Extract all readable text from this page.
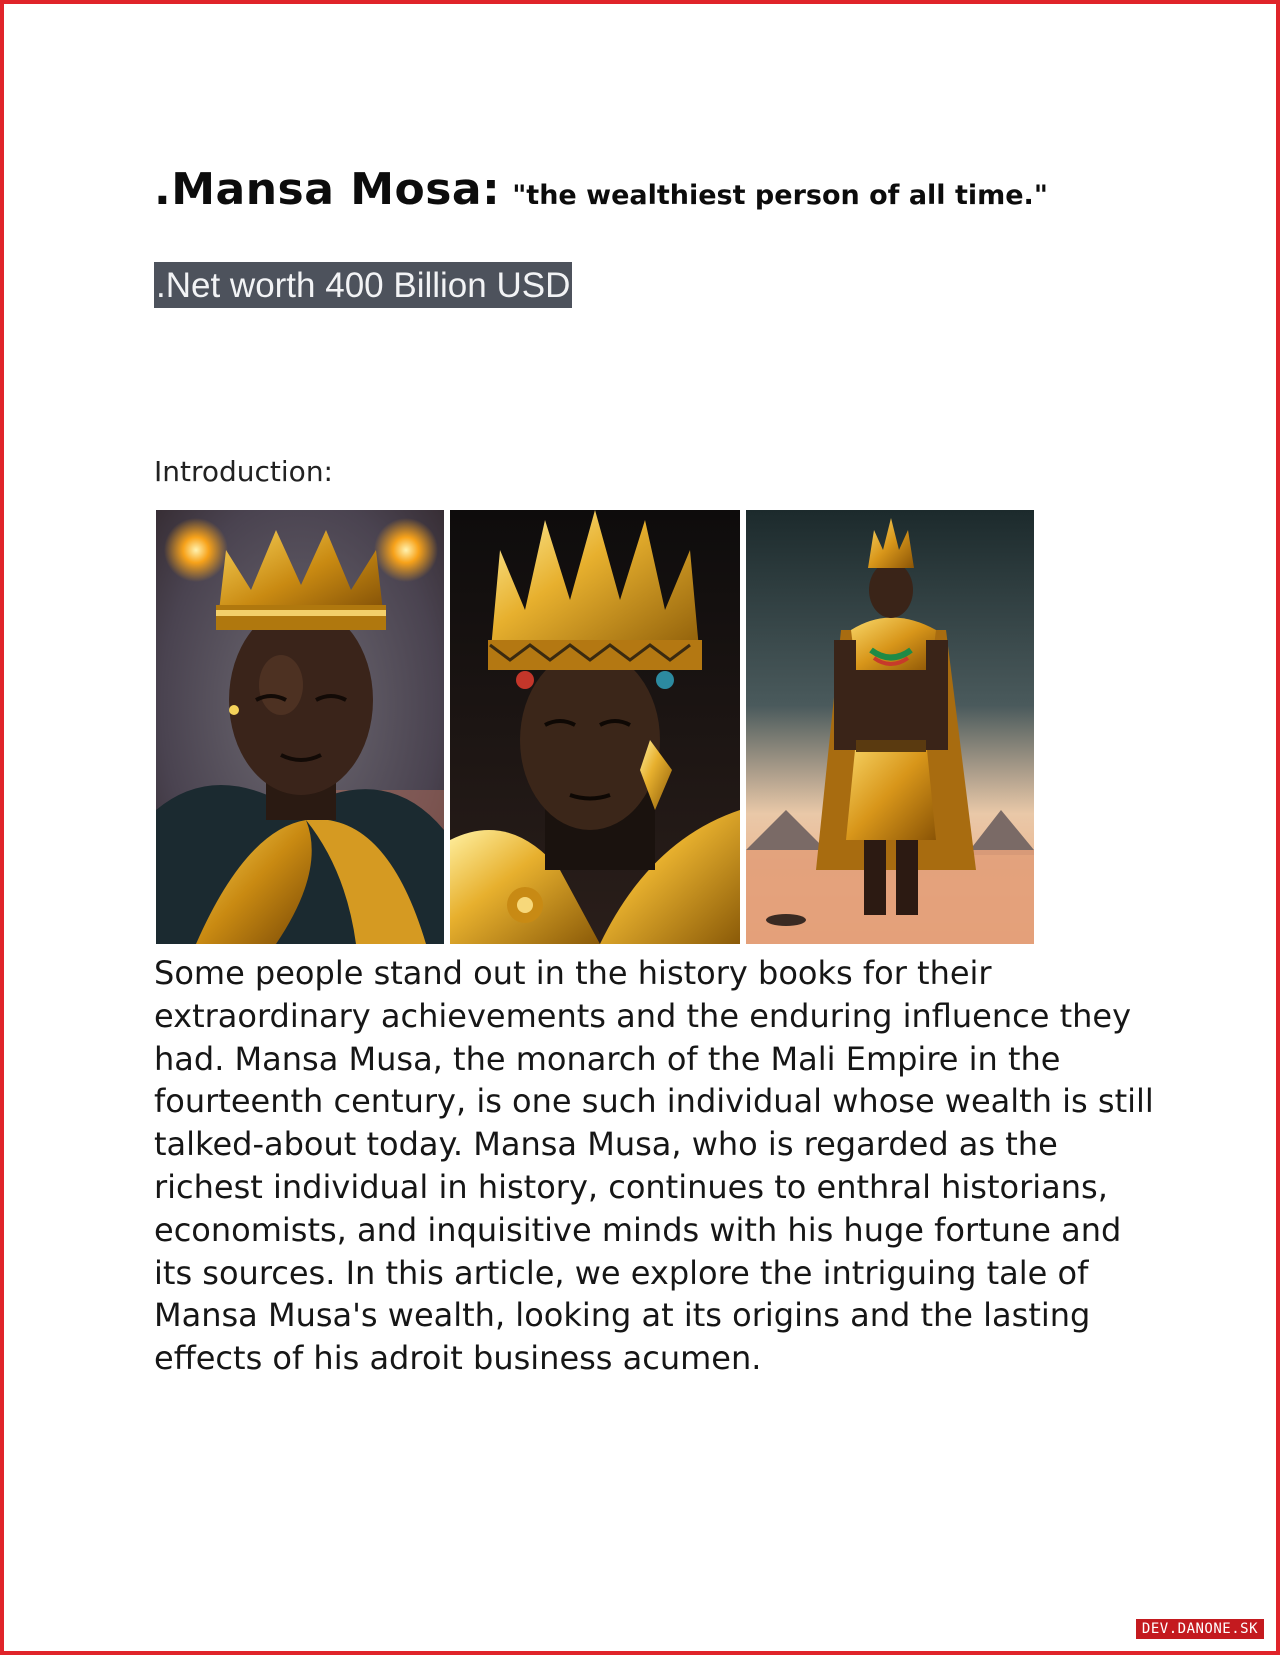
.Mansa Mosa: "the wealthiest person of all time."
.Net worth 400 Billion USD
Introduction:

Some people stand out in the history books for their extraordinary achievements and the enduring influence they had. Mansa Musa, the monarch of the Mali Empire in the fourteenth century, is one such individual whose wealth is still talked-about today. Mansa Musa, who is regarded as the richest individual in history, continues to enthral historians, economists, and inquisitive minds with his huge fortune and its sources. In this article, we explore the intriguing tale of Mansa Musa's wealth, looking at its origins and the lasting effects of his adroit business acumen.

DEV.DANONE.SK
